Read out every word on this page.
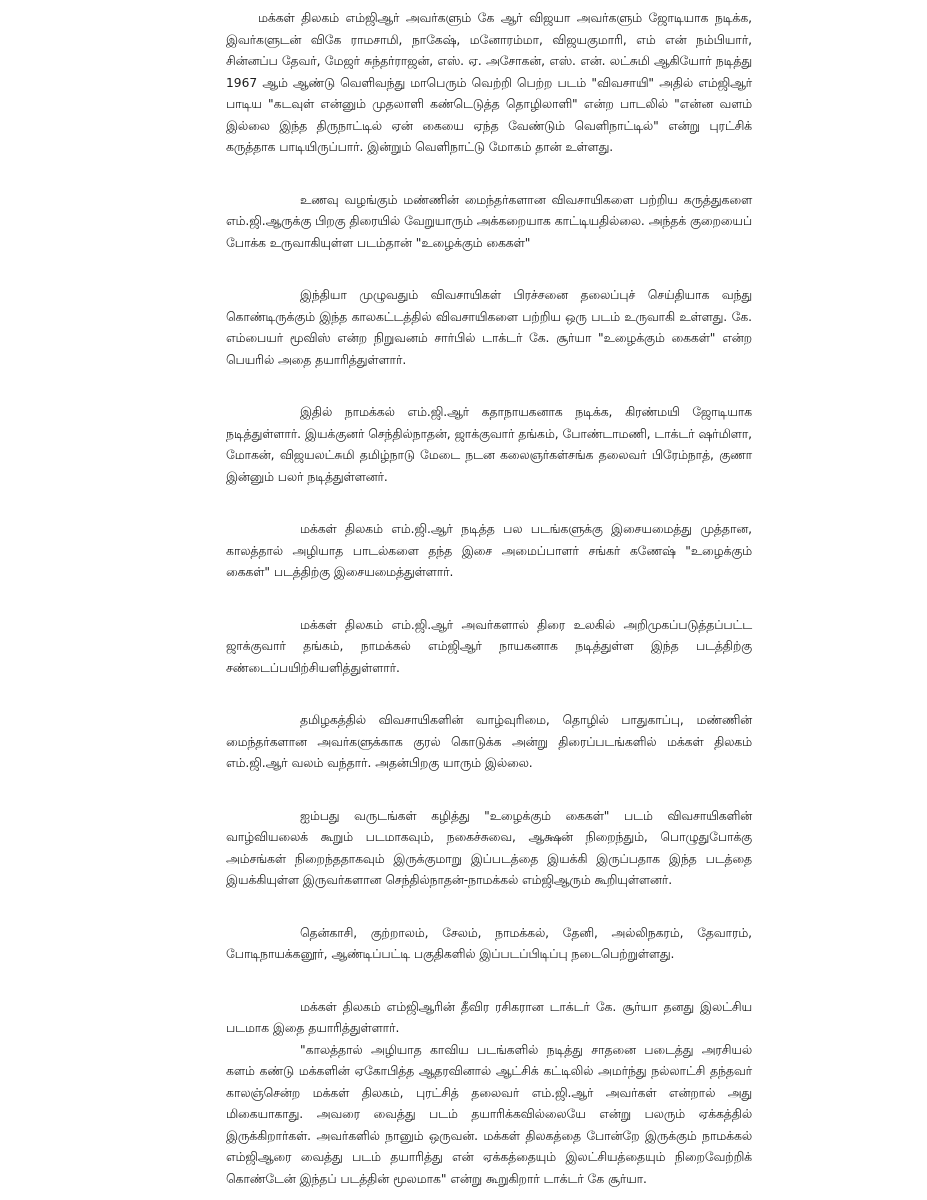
மக்கள் திலகம் எம்ஜிஆர் அவர்களும் கே ஆர் விஜயா அவர்களும் ஜோடியாக நடிக்க, இவர்களுடன் விகே ராமசாமி, நாகேஷ், மனோரம்மா, விஜயகுமாரி, எம் என் நம்பியார், சின்னப்ப தேவர், மேஜர் சுந்தர்ராஜன், எஸ். ஏ. அசோகன், எஸ். என். லட்சுமி ஆகியோர் நடித்து 1967 ஆம் ஆண்டு வெளிவந்து மாபெரும் வெற்றி பெற்ற படம் "விவசாயி" அதில் எம்ஜிஆர் பாடிய "கடவுள் என்னும் முதலாளி கண்டெடுத்த தொழிலாளி" என்ற பாடலில் "என்ன வளம் இல்லை இந்த திருநாட்டில் ஏன் கையை ஏந்த வேண்டும் வெளிநாட்டில்" என்று புரட்சிக் கருத்தாக பாடியிருப்பார். இன்றும் வெளிநாட்டு மோகம் தான் உள்ளது.

உணவு வழங்கும் மண்ணின் மைந்தர்களான விவசாயிகளை பற்றிய கருத்துகளை எம்.ஜி.ஆருக்கு பிறகு திரையில் வேறுயாரும் அக்கறையாக காட்டியதில்லை. அந்தக் குறையைப் போக்க உருவாகியுள்ள படம்தான் "உழைக்கும் கைகள்"

இந்தியா முழுவதும் விவசாயிகள் பிரச்சனை தலைப்புச் செய்தியாக வந்து கொண்டிருக்கும் இந்த காலகட்டத்தில் விவசாயிகளை பற்றிய ஒரு படம் உருவாகி உள்ளது. கே. எம்பையர் மூவிஸ் என்ற நிறுவனம் சார்பில் டாக்டர் கே. சூர்யா "உழைக்கும் கைகள்" என்ற பெயரில் அதை தயாரித்துள்ளார்.

இதில் நாமக்கல் எம்.ஜி.ஆர் கதாநாயகனாக நடிக்க, கிரண்மயி ஜோடியாக நடித்துள்ளார். இயக்குனர் செந்தில்நாதன், ஜாக்குவார் தங்கம், போண்டாமணி, டாக்டர் ஷர்மிளா, மோகன், விஜயலட்சுமி தமிழ்நாடு மேடை நடன கலைஞர்கள்சங்க தலைவர் பிரேம்நாத், குணா இன்னும் பலர் நடித்துள்ளனர்.

மக்கள் திலகம் எம்.ஜி.ஆர் நடித்த பல படங்களுக்கு இசையமைத்து முத்தான, காலத்தால் அழியாத பாடல்களை தந்த இசை அமைப்பாளர் சங்கர் கணேஷ் "உழைக்கும் கைகள்" படத்திற்கு இசையமைத்துள்ளார்.

மக்கள் திலகம் எம்.ஜி.ஆர் அவர்களால் திரை உலகில் அறிமுகப்படுத்தப்பட்ட ஜாக்குவார் தங்கம், நாமக்கல் எம்ஜிஆர் நாயகனாக நடித்துள்ள இந்த படத்திற்கு சண்டைப்பயிற்சியளித்துள்ளார்.

தமிழகத்தில் விவசாயிகளின் வாழ்வுரிமை, தொழில் பாதுகாப்பு, மண்ணின் மைந்தர்களான அவர்களுக்காக குரல் கொடுக்க அன்று திரைப்படங்களில் மக்கள் திலகம் எம்.ஜி.ஆர் வலம் வந்தார். அதன்பிறகு யாரும் இல்லை.

ஐம்பது வருடங்கள் கழித்து "உழைக்கும் கைகள்" படம் விவசாயிகளின் வாழ்வியலைக் கூறும் படமாகவும், நகைச்சுவை, ஆக்ஷன் நிறைந்தும், பொழுதுபோக்கு அம்சங்கள் நிறைந்ததாகவும் இருக்குமாறு இப்படத்தை இயக்கி இருப்பதாக இந்த படத்தை இயக்கியுள்ள இருவர்களான செந்தில்நாதன்-நாமக்கல் எம்ஜிஆரும் கூறியுள்ளனர்.

தென்காசி, குற்றாலம், சேலம், நாமக்கல், தேனி, அல்லிநகரம், தேவாரம், போடிநாயக்கனூர், ஆண்டிப்பட்டி பகுதிகளில் இப்படப்பிடிப்பு நடைபெற்றுள்ளது.

மக்கள் திலகம் எம்ஜிஆரின் தீவிர ரசிகரான டாக்டர் கே. சூர்யா தனது இலட்சிய படமாக இதை தயாரித்துள்ளார்.

"காலத்தால் அழியாத காவிய படங்களில் நடித்து சாதனை படைத்து அரசியல் களம் கண்டு மக்களின் ஏகோபித்த ஆதரவினால் ஆட்சிக் கட்டிலில் அமர்ந்து நல்லாட்சி தந்தவர் காலஞ்சென்ற மக்கள் திலகம், புரட்சித் தலைவர் எம்.ஜி.ஆர் அவர்கள் என்றால் அது மிகையாகாது. அவரை வைத்து படம் தயாரிக்கவில்லையே என்று பலரும் ஏக்கத்தில் இருக்கிறார்கள். அவர்களில் நானும் ஒருவன். மக்கள் திலகத்தை போன்றே இருக்கும் நாமக்கல் எம்ஜிஆரை வைத்து படம் தயாரித்து என் ஏக்கத்தையும் இலட்சியத்தையும் நிறைவேற்றிக் கொண்டேன் இந்தப் படத்தின் மூலமாக" என்று கூறுகிறார் டாக்டர் கே சூர்யா.
